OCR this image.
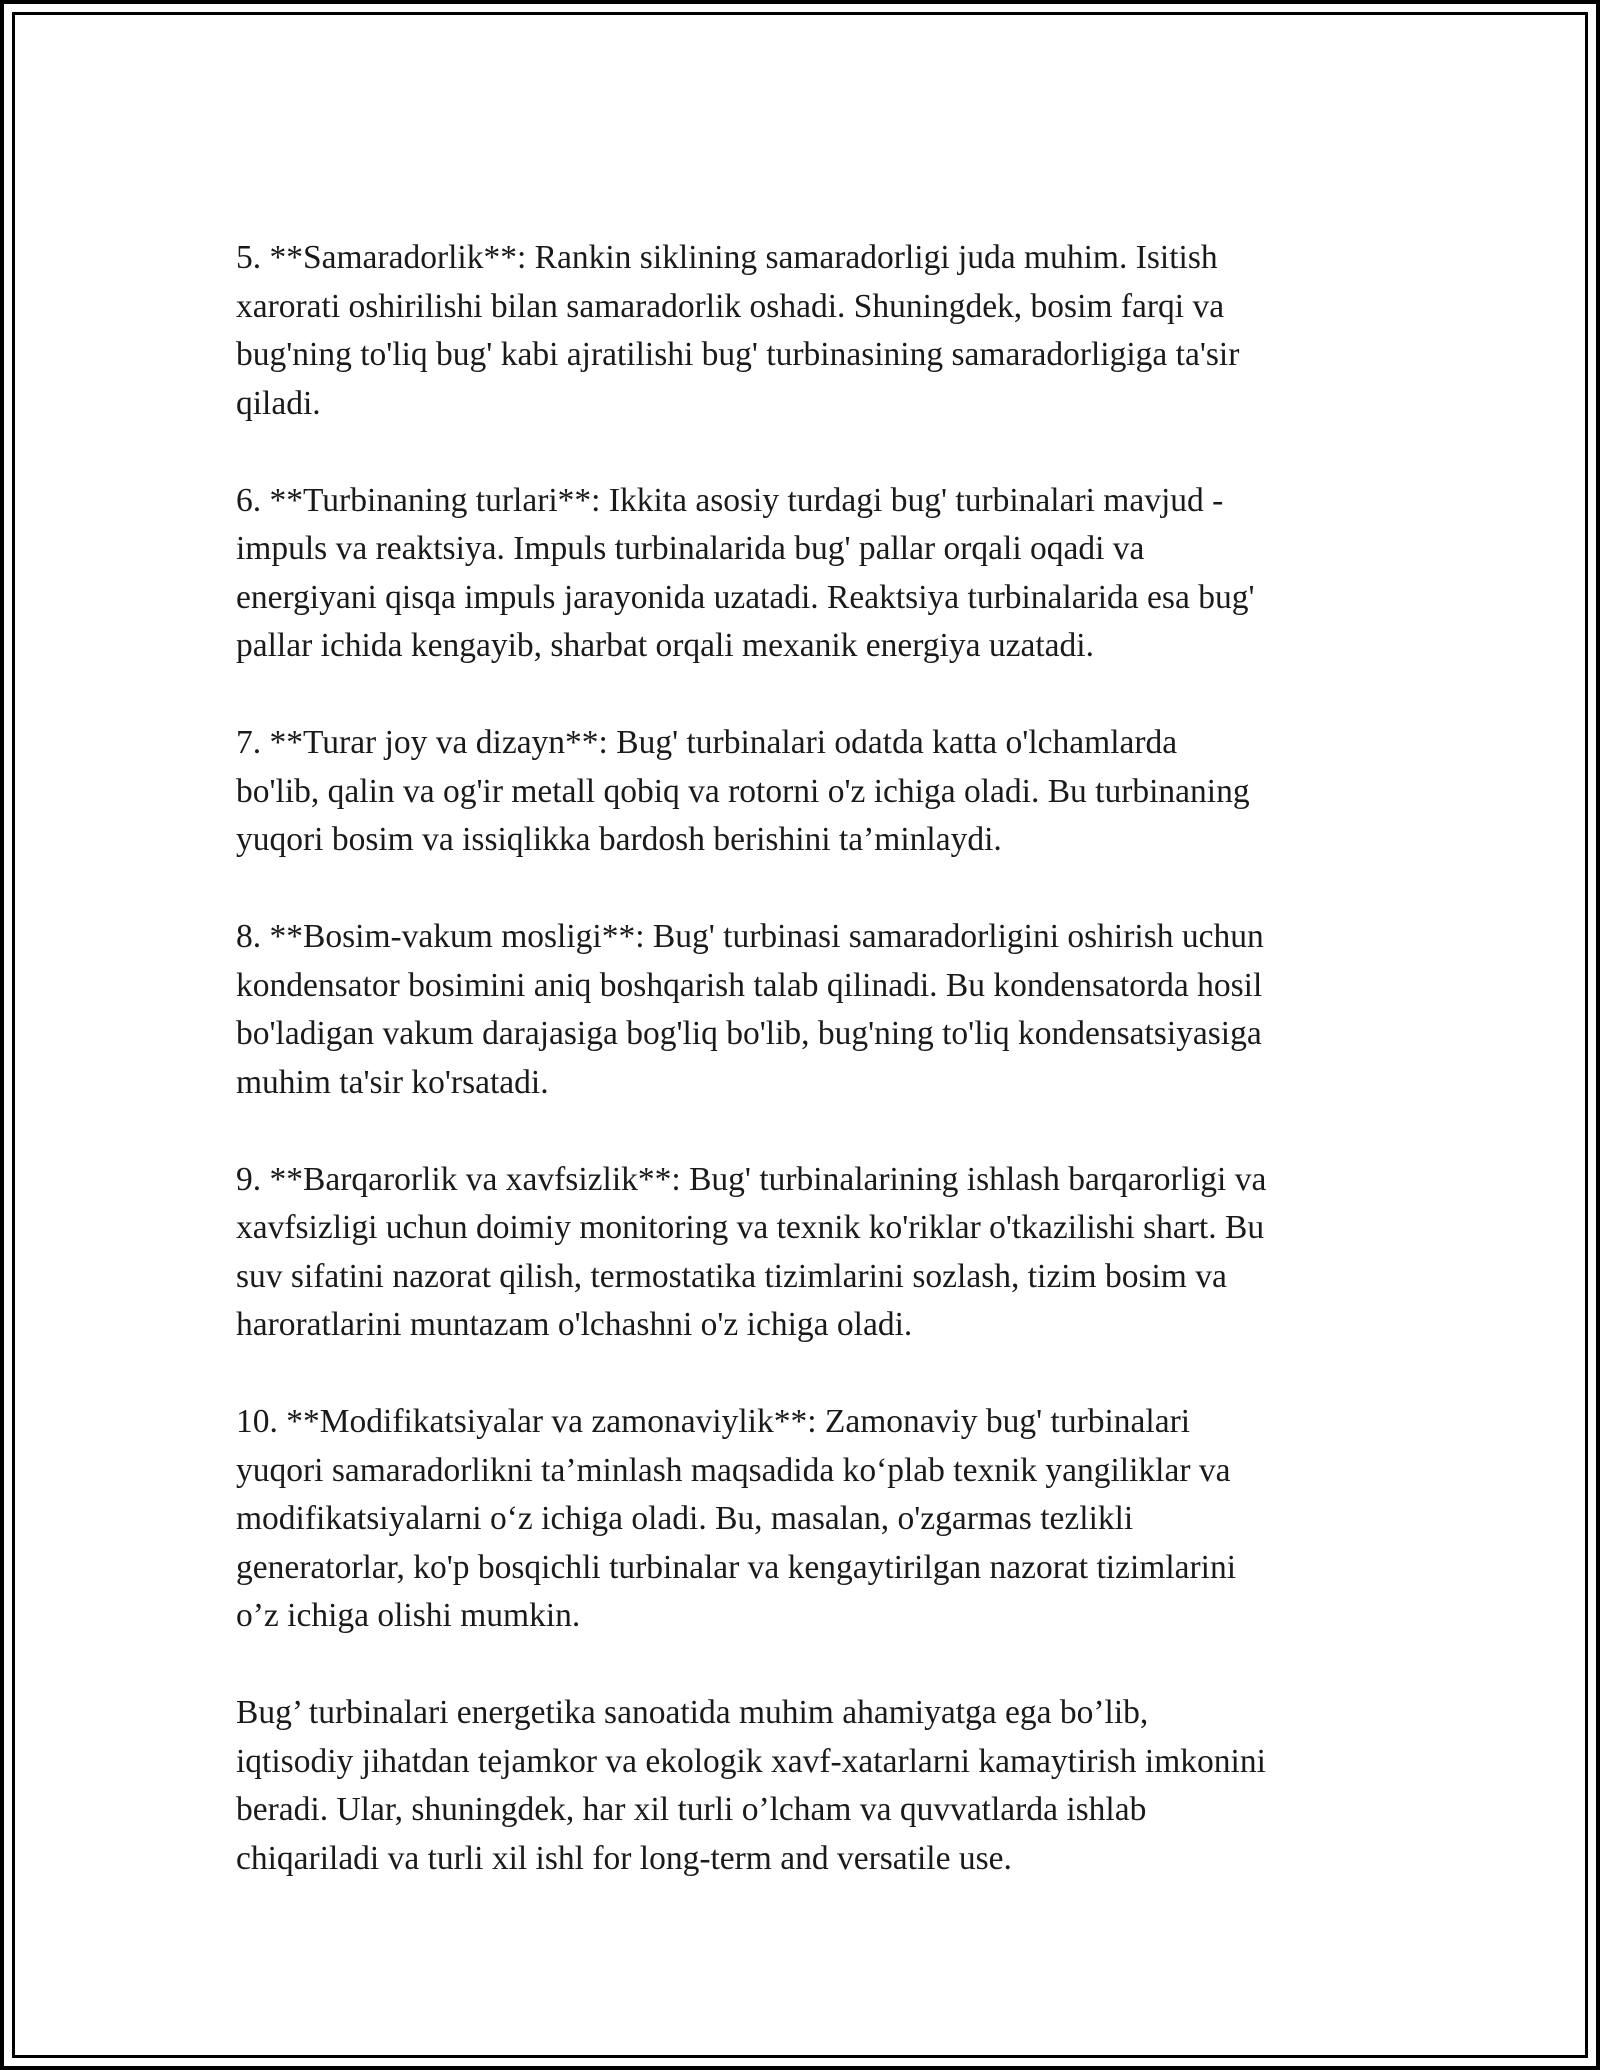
5. **Samaradorlik**: Rankin siklining samaradorligi juda muhim. Isitish
xarorati oshirilishi bilan samaradorlik oshadi. Shuningdek, bosim farqi va
bug'ning to'liq bug' kabi ajratilishi bug' turbinasining samaradorligiga ta'sir
qiladi.

6. **Turbinaning turlari**: Ikkita asosiy turdagi bug' turbinalari mavjud -
impuls va reaktsiya. Impuls turbinalarida bug' pallar orqali oqadi va
energiyani qisqa impuls jarayonida uzatadi. Reaktsiya turbinalarida esa bug'
pallar ichida kengayib, sharbat orqali mexanik energiya uzatadi.

7. **Turar joy va dizayn**: Bug' turbinalari odatda katta o'lchamlarda
bo'lib, qalin va og'ir metall qobiq va rotorni o'z ichiga oladi. Bu turbinaning
yuqori bosim va issiqlikka bardosh berishini ta’minlaydi.

8. **Bosim-vakum mosligi**: Bug' turbinasi samaradorligini oshirish uchun
kondensator bosimini aniq boshqarish talab qilinadi. Bu kondensatorda hosil
bo'ladigan vakum darajasiga bog'liq bo'lib, bug'ning to'liq kondensatsiyasiga
muhim ta'sir ko'rsatadi.

9. **Barqarorlik va xavfsizlik**: Bug' turbinalarining ishlash barqarorligi va
xavfsizligi uchun doimiy monitoring va texnik ko'riklar o'tkazilishi shart. Bu
suv sifatini nazorat qilish, termostatika tizimlarini sozlash, tizim bosim va
haroratlarini muntazam o'lchashni o'z ichiga oladi.

10. **Modifikatsiyalar va zamonaviylik**: Zamonaviy bug' turbinalari
yuqori samaradorlikni ta’minlash maqsadida ko‘plab texnik yangiliklar va
modifikatsiyalarni o‘z ichiga oladi. Bu, masalan, o'zgarmas tezlikli
generatorlar, ko'p bosqichli turbinalar va kengaytirilgan nazorat tizimlarini
o’z ichiga olishi mumkin.

Bug’ turbinalari energetika sanoatida muhim ahamiyatga ega bo’lib,
iqtisodiy jihatdan tejamkor va ekologik xavf-xatarlarni kamaytirish imkonini
beradi. Ular, shuningdek, har xil turli o’lcham va quvvatlarda ishlab
chiqariladi va turli xil ishl for long-term and versatile use.
